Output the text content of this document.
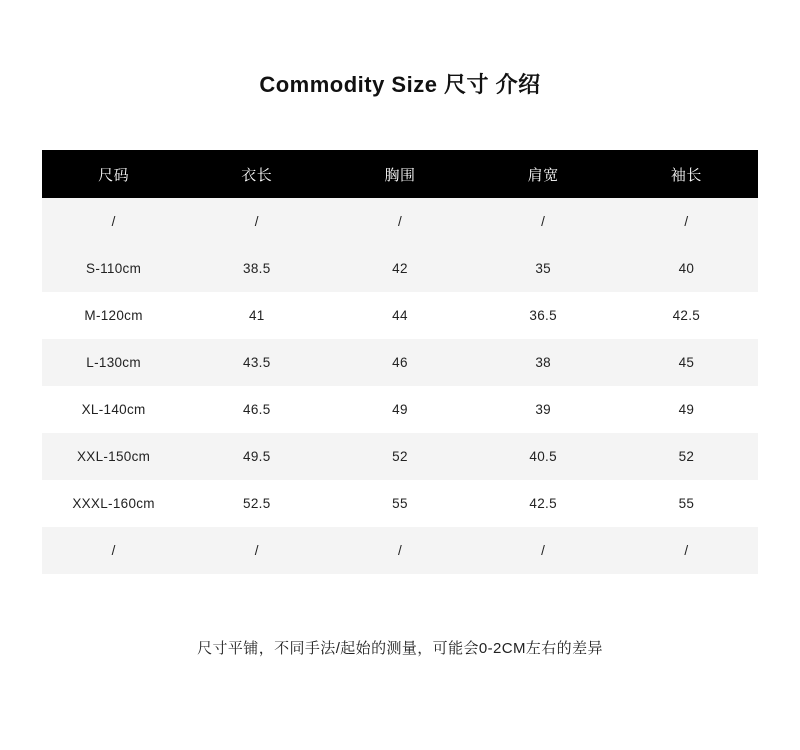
Commodity Size 尺寸 介绍
尺码	衣长	胸围	肩宽	袖长
/	/	/	/	/
S-110cm	38.5	42	35	40
M-120cm	41	44	36.5	42.5
L-130cm	43.5	46	38	45
XL-140cm	46.5	49	39	49
XXL-150cm	49.5	52	40.5	52
XXXL-160cm	52.5	55	42.5	55
/	/	/	/	/
尺寸平铺，不同手法/起始的测量，可能会0-2CM左右的差异
